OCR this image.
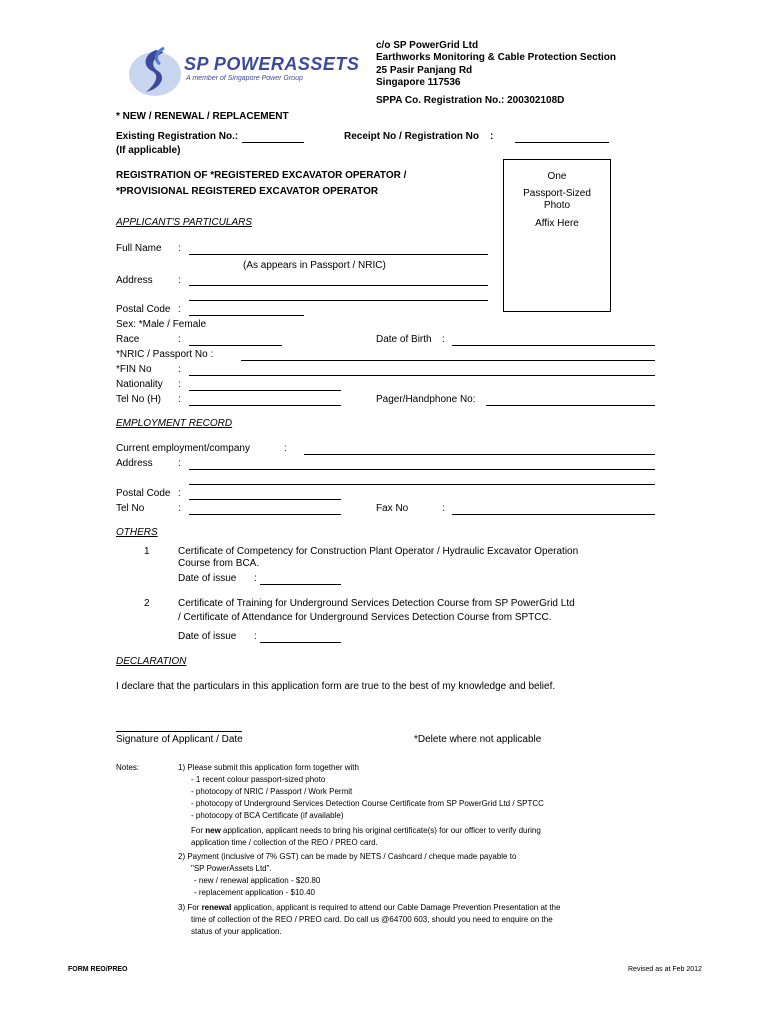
SP POWERASSETS
A member of Singapore Power Group
c/o SP PowerGrid Ltd
Earthworks Monitoring & Cable Protection Section
25 Pasir Panjang Rd
Singapore 117536
SPPA Co. Registration No.: 200302108D
* NEW / RENEWAL / REPLACEMENT
Existing Registration No.:
(If applicable)
Receipt No / Registration No :
REGISTRATION OF *REGISTERED EXCAVATOR OPERATOR /
*PROVISIONAL REGISTERED EXCAVATOR OPERATOR
One
Passport-Sized
Photo
Affix Here
APPLICANT'S PARTICULARS
Full Name :
(As appears in Passport / NRIC)
Address	:
Postal Code :
Sex: *Male / Female
Race	:	Date of Birth :
*NRIC / Passport No :
*FIN No	:
Nationality :
Tel No (H) :	Pager/Handphone No:
EMPLOYMENT RECORD
Current employment/company	:
Address	:
Postal Code :
Tel No	:	Fax No	:
OTHERS
1	Certificate of Competency for Construction Plant Operator / Hydraulic Excavator Operation
Course from BCA.
Date of issue :
2	Certificate of Training for Underground Services Detection Course from SP PowerGrid Ltd
/ Certificate of Attendance for Underground Services Detection Course from SPTCC.
Date of issue :
DECLARATION
I declare that the particulars in this application form are true to the best of my knowledge and belief.
Signature of Applicant / Date	*Delete where not applicable
Notes:	1) Please submit this application form together with
- 1 recent colour passport-sized photo
- photocopy of NRIC / Passport / Work Permit
- photocopy of Underground Services Detection Course Certificate from SP PowerGrid Ltd / SPTCC
- photocopy of BCA Certificate (if available)
For new application, applicant needs to bring his original certificate(s) for our officer to verify during
application time / collection of the REO / PREO card.
2) Payment (inclusive of 7% GST) can be made by NETS / Cashcard / cheque made payable to
"SP PowerAssets Ltd".
- new / renewal application - $20.80
- replacement application - $10.40
3) For renewal application, applicant is required to attend our Cable Damage Prevention Presentation at the
time of collection of the REO / PREO card. Do call us @64700 603, should you need to enquire on the
status of your application.
FORM REO/PREO	Revised as at Feb 2012
